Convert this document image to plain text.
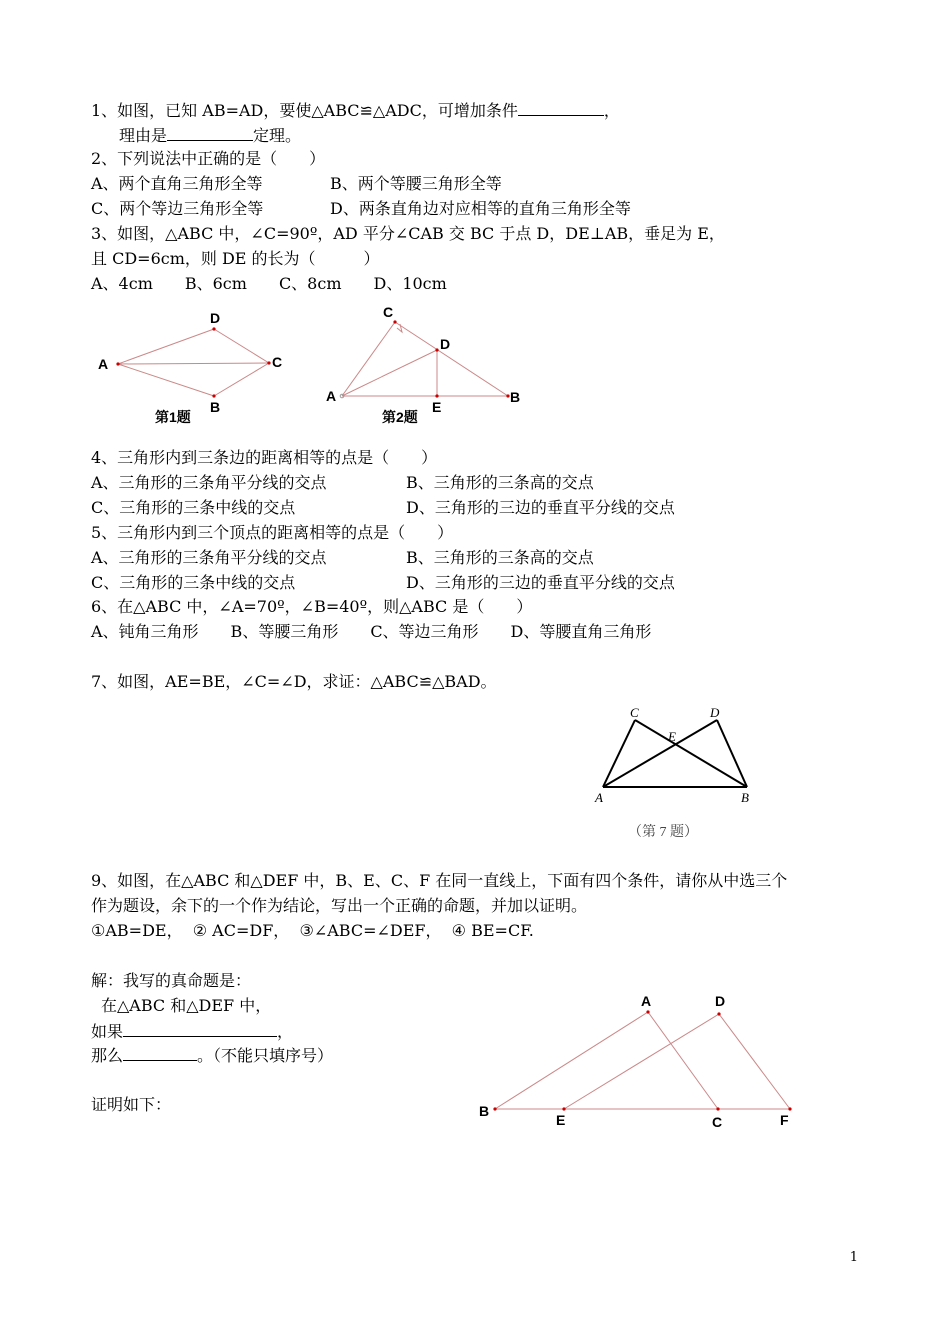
1、如图，已知 AB=AD，要使△ABC≌△ADC，可增加条件	，
理由是	定理。
2、下列说法中正确的是（　　）
A、两个直角三角形全等	B、两个等腰三角形全等
C、两个等边三角形全等	D、两条直角边对应相等的直角三角形全等
3、如图，△ABC 中，∠C=90º，AD 平分∠CAB 交 BC 于点 D，DE⊥AB，垂足为 E，
且 CD=6cm，则 DE 的长为（　　　）
A、4cm　　B、6cm　　C、8cm　　D、10cm
A
D
C
B
第1题
A
C
D
E
B
第2题
4、三角形内到三条边的距离相等的点是（　　）
A、三角形的三条角平分线的交点	B、三角形的三条高的交点
C、三角形的三条中线的交点	D、三角形的三边的垂直平分线的交点
5、三角形内到三个顶点的距离相等的点是（　　）
A、三角形的三条角平分线的交点	B、三角形的三条高的交点
C、三角形的三条中线的交点	D、三角形的三边的垂直平分线的交点
6、在△ABC 中，∠A=70º，∠B=40º，则△ABC 是（　　）
A、钝角三角形　　B、等腰三角形　　C、等边三角形　　D、等腰直角三角形
7、如图，AE=BE，∠C=∠D，求证：△ABC≌△BAD。
A
C
E
D
B
（第 7 题）
9、如图，在△ABC 和△DEF 中，B、E、C、F 在同一直线上，下面有四个条件，请你从中选三个
作为题设，余下的一个作为结论，写出一个正确的命题，并加以证明。
①AB=DE，  ② AC=DF，  ③∠ABC=∠DEF，  ④ BE=CF.
解：我写的真命题是：
在△ABC 和△DEF 中，
如果	，
那么	。（不能只填序号）
证明如下：	B
A
E
D
C	F
1
